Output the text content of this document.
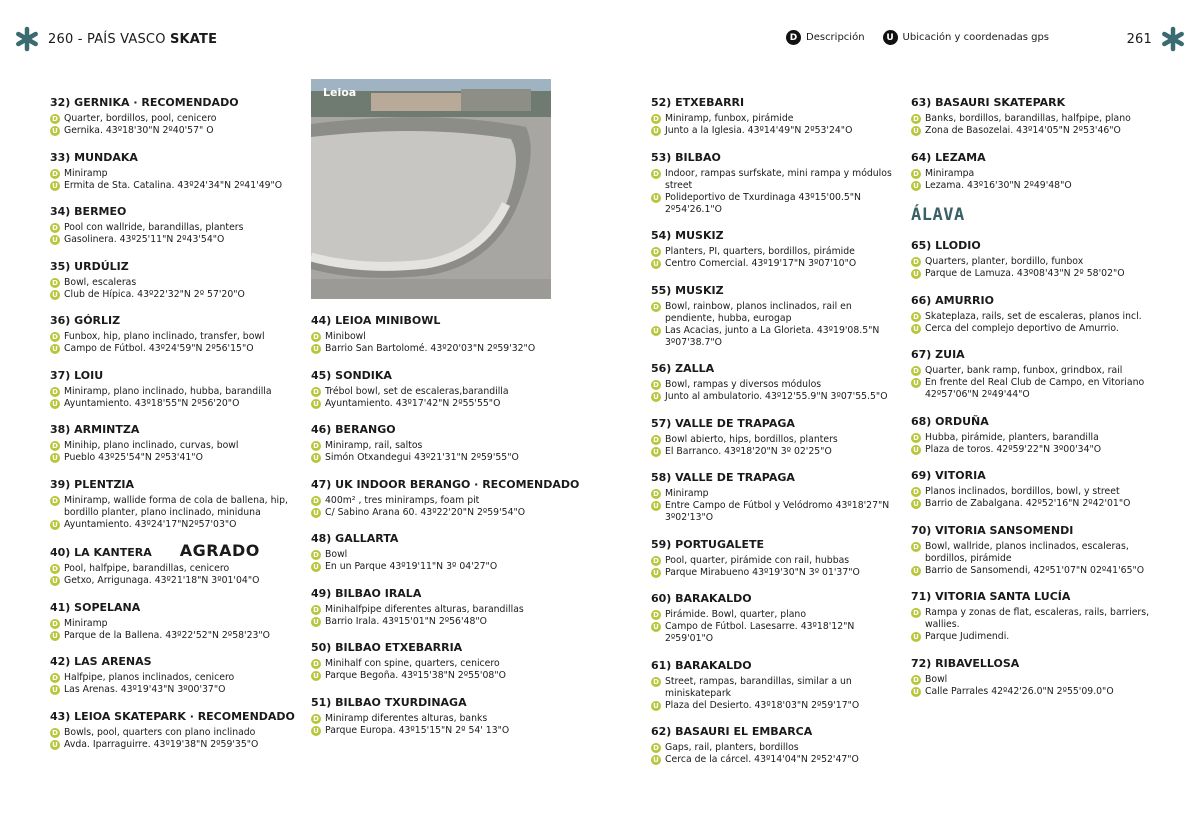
260 - PAÍS VASCO SKATE	D Descripción	U Ubicación y coordenadas gps	261
Leioa
32) GERNIKA · RECOMENDADO
D Quarter, bordillos, pool, cenicero
U Gernika. 43º18'30"N 2º40'57" O
33) MUNDAKA
D Miniramp
U Ermita de Sta. Catalina. 43º24'34"N 2º41'49"O
34) BERMEO
D Pool con wallride, barandillas, planters
U Gasolinera. 43º25'11"N 2º43'54"O
35) URDÚLIZ
D Bowl, escaleras
U Club de Hípica. 43º22'32"N 2º 57'20"O
36) GÓRLIZ
D Funbox, hip, plano inclinado, transfer, bowl
U Campo de Fútbol. 43º24'59"N 2º56'15"O
37) LOIU
D Miniramp, plano inclinado, hubba, barandilla
U Ayuntamiento. 43º18'55"N 2º56'20"O
38) ARMINTZA
D Minihip, plano inclinado, curvas, bowl
U Pueblo 43º25'54"N 2º53'41"O
39) PLENTZIA
D Miniramp, wallide forma de cola de ballena, hip, bordillo planter, plano inclinado, miniduna
U Ayuntamiento. 43º24'17"N2º57'03"O
40) LA KANTERA AGRADO
D Pool, halfpipe, barandillas, cenicero
U Getxo, Arrigunaga. 43º21'18"N 3º01'04"O
41) SOPELANA
D Miniramp
U Parque de la Ballena. 43º22'52"N 2º58'23"O
42) LAS ARENAS
D Halfpipe, planos inclinados, cenicero
U Las Arenas. 43º19'43"N 3º00'37"O
43) LEIOA SKATEPARK · RECOMENDADO
D Bowls, pool, quarters con plano inclinado
U Avda. Iparraguirre. 43º19'38"N 2º59'35"O
44) LEIOA MINIBOWL
D Minibowl
U Barrio San Bartolomé. 43º20'03"N 2º59'32"O
45) SONDIKA
D Trébol bowl, set de escaleras,barandilla
U Ayuntamiento. 43º17'42"N 2º55'55"O
46) BERANGO
D Miniramp, rail, saltos
U Simón Otxandegui 43º21'31"N 2º59'55"O
47) UK INDOOR BERANGO · RECOMENDADO
D 400m² , tres miniramps, foam pit
U C/ Sabino Arana 60. 43º22'20"N 2º59'54"O
48) GALLARTA
D Bowl
U En un Parque 43º19'11"N 3º 04'27"O
49) BILBAO IRALA
D Minihalfpipe diferentes alturas, barandillas
U Barrio Irala. 43º15'01"N 2º56'48"O
50) BILBAO ETXEBARRIA
D Minihalf con spine, quarters, cenicero
U Parque Begoña. 43º15'38"N 2º55'08"O
51) BILBAO TXURDINAGA
D Miniramp diferentes alturas, banks
U Parque Europa. 43º15'15"N 2º 54' 13"O
52) ETXEBARRI
D Miniramp, funbox, pirámide
U Junto a la Iglesia. 43º14'49"N 2º53'24"O
53) BILBAO
D Indoor, rampas surfskate, mini rampa y módulos street
U Polideportivo de Txurdinaga 43º15'00.5"N 2º54'26.1"O
54) MUSKIZ
D Planters, PI, quarters, bordillos, pirámide
U Centro Comercial. 43º19'17"N 3º07'10"O
55) MUSKIZ
D Bowl, rainbow, planos inclinados, rail en pendiente, hubba, eurogap
U Las Acacias, junto a La Glorieta. 43º19'08.5"N 3º07'38.7"O
56) ZALLA
D Bowl, rampas y diversos módulos
U Junto al ambulatorio. 43º12'55.9"N 3º07'55.5"O
57) VALLE DE TRAPAGA
D Bowl abierto, hips, bordillos, planters
U El Barranco. 43º18'20"N 3º 02'25"O
58) VALLE DE TRAPAGA
D Miniramp
U Entre Campo de Fútbol y Velódromo 43º18'27"N 3º02'13"O
59) PORTUGALETE
D Pool, quarter, pirámide con rail, hubbas
U Parque Mirabueno 43º19'30"N 3º 01'37"O
60) BARAKALDO
D Pirámide. Bowl, quarter, plano
U Campo de Fútbol. Lasesarre. 43º18'12"N 2º59'01"O
61) BARAKALDO
D Street, rampas, barandillas, similar a un miniskatepark
U Plaza del Desierto. 43º18'03"N 2º59'17"O
62) BASAURI EL EMBARCA
D Gaps, rail, planters, bordillos
U Cerca de la cárcel. 43º14'04"N 2º52'47"O
63) BASAURI SKATEPARK
D Banks, bordillos, barandillas, halfpipe, plano
U Zona de Basozelai. 43º14'05"N 2º53'46"O
64) LEZAMA
D Minirampa
U Lezama. 43º16'30"N 2º49'48"O
ÁLAVA
65) LLODIO
D Quarters, planter, bordillo, funbox
U Parque de Lamuza. 43º08'43"N 2º 58'02"O
66) AMURRIO
D Skateplaza, rails, set de escaleras, planos incl.
U Cerca del complejo deportivo de Amurrio.
67) ZUIA
D Quarter, bank ramp, funbox, grindbox, rail
U En frente del Real Club de Campo, en Vitoriano 42º57'06"N 2º49'44"O
68) ORDUÑA
D Hubba, pirámide, planters, barandilla
U Plaza de toros. 42º59'22"N 3º00'34"O
69) VITORIA
D Planos inclinados, bordillos, bowl, y street
U Barrio de Zabalgana. 42º52'16"N 2º42'01"O
70) VITORIA SANSOMENDI
D Bowl, wallride, planos inclinados, escaleras, bordillos, pirámide
U Barrio de Sansomendi, 42º51'07"N 02º41'65"O
71) VITORIA SANTA LUCÍA
D Rampa y zonas de flat, escaleras, rails, barriers, wallies.
U Parque Judimendi.
72) RIBAVELLOSA
D Bowl
U Calle Parrales 42º42'26.0"N 2º55'09.0"O
